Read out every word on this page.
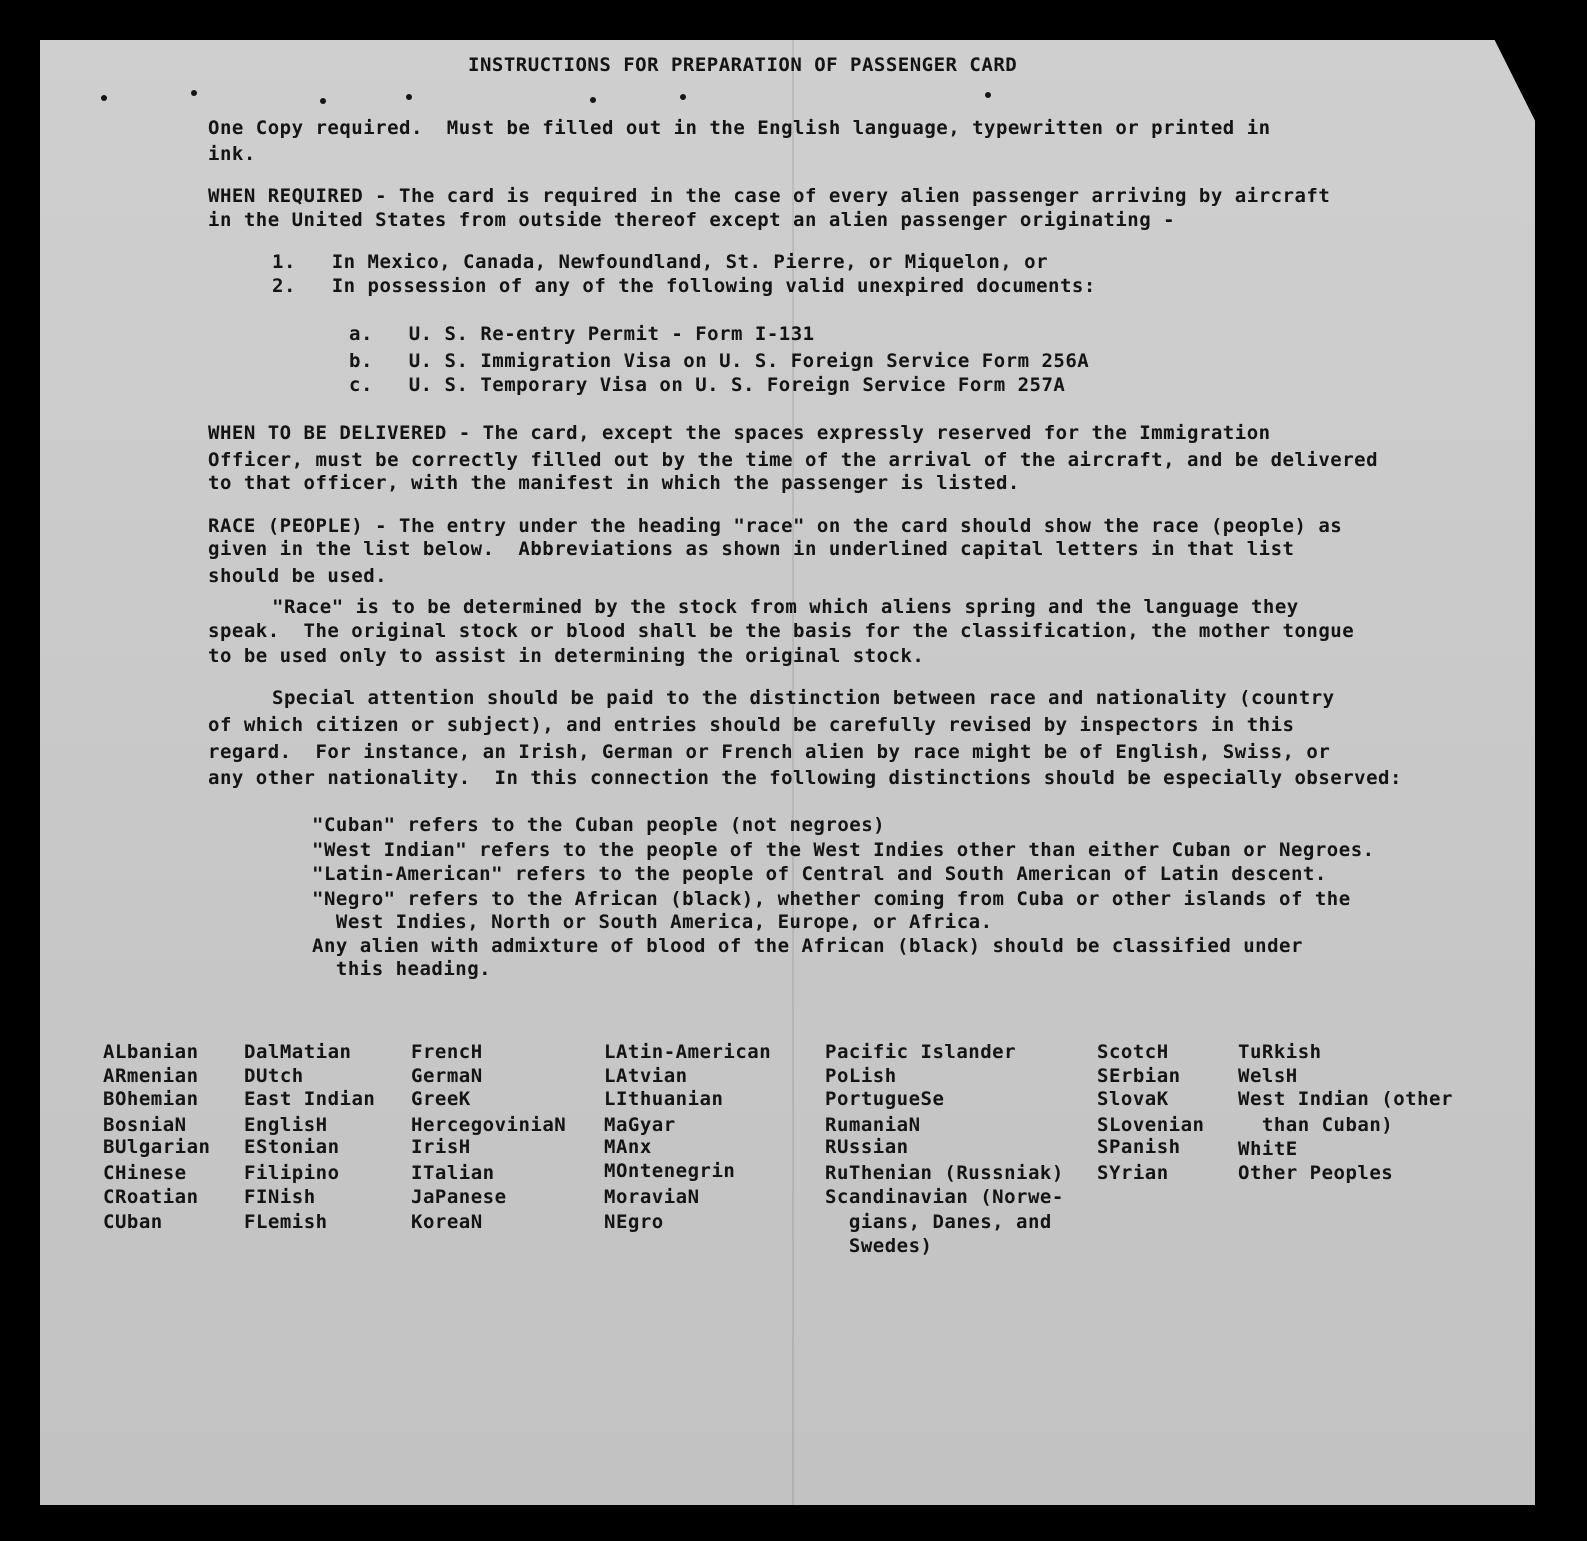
INSTRUCTIONS FOR PREPARATION OF PASSENGER CARD
One Copy required.  Must be filled out in the English language, typewritten or printed in
ink.
WHEN REQUIRED - The card is required in the case of every alien passenger arriving by aircraft
in the United States from outside thereof except an alien passenger originating -
1.   In Mexico, Canada, Newfoundland, St. Pierre, or Miquelon, or
2.   In possession of any of the following valid unexpired documents:
a.   U. S. Re-entry Permit - Form I-131
b.   U. S. Immigration Visa on U. S. Foreign Service Form 256A
c.   U. S. Temporary Visa on U. S. Foreign Service Form 257A
WHEN TO BE DELIVERED - The card, except the spaces expressly reserved for the Immigration
Officer, must be correctly filled out by the time of the arrival of the aircraft, and be delivered
to that officer, with the manifest in which the passenger is listed.
RACE (PEOPLE) - The entry under the heading "race" on the card should show the race (people) as
given in the list below.  Abbreviations as shown in underlined capital letters in that list
should be used.
"Race" is to be determined by the stock from which aliens spring and the language they
speak.  The original stock or blood shall be the basis for the classification, the mother tongue
to be used only to assist in determining the original stock.
Special attention should be paid to the distinction between race and nationality (country
of which citizen or subject), and entries should be carefully revised by inspectors in this
regard.  For instance, an Irish, German or French alien by race might be of English, Swiss, or
any other nationality.  In this connection the following distinctions should be especially observed:
"Cuban" refers to the Cuban people (not negroes)
"West Indian" refers to the people of the West Indies other than either Cuban or Negroes.
"Latin-American" refers to the people of Central and South American of Latin descent.
"Negro" refers to the African (black), whether coming from Cuba or other islands of the
West Indies, North or South America, Europe, or Africa.
Any alien with admixture of blood of the African (black) should be classified under
this heading.
ALbanian
ARmenian
BOhemian
BosniaN
BUlgarian
CHinese
CRoatian
CUban
DalMatian
DUtch
East Indian
EnglisH
EStonian
Filipino
FINish
FLemish
FrencH
GermaN
GreeK
HercegoviniaN
IrisH
ITalian
JaPanese
KoreaN
LAtin-American
LAtvian
LIthuanian
MaGyar
MAnx
MOntenegrin
MoraviaN
NEgro
Pacific Islander
PoLish
PortugueSe
RumaniaN
RUssian
RuThenian (Russniak)
Scandinavian (Norwe-
gians, Danes, and
Swedes)
ScotcH
SErbian
SlovaK
SLovenian
SPanish
SYrian
TuRkish
WelsH
West Indian (other
than Cuban)
WhitE
Other Peoples
